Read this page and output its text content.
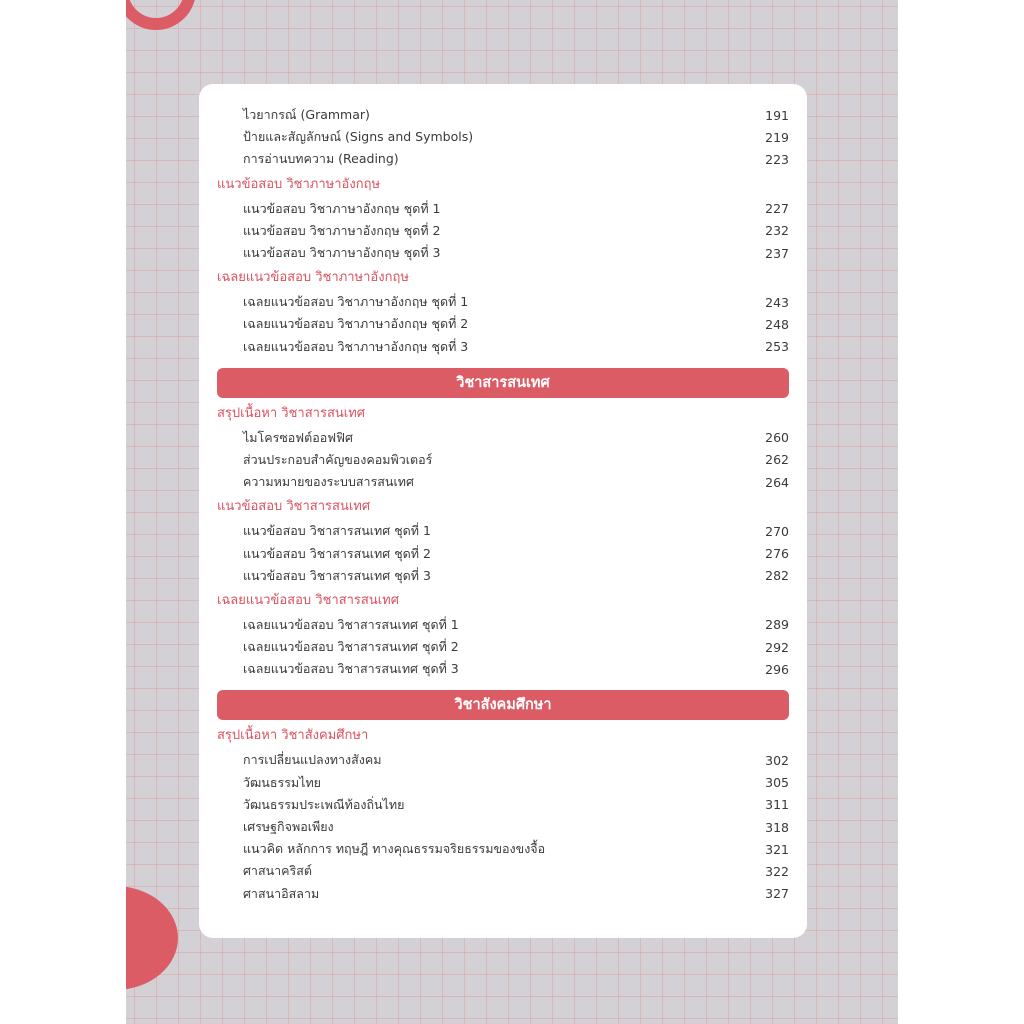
ไวยากรณ์ (Grammar)	191
ป้ายและสัญลักษณ์ (Signs and Symbols)	219
การอ่านบทความ (Reading)	223
แนวข้อสอบ วิชาภาษาอังกฤษ
แนวข้อสอบ วิชาภาษาอังกฤษ ชุดที่ 1	227
แนวข้อสอบ วิชาภาษาอังกฤษ ชุดที่ 2	232
แนวข้อสอบ วิชาภาษาอังกฤษ ชุดที่ 3	237
เฉลยแนวข้อสอบ วิชาภาษาอังกฤษ
เฉลยแนวข้อสอบ วิชาภาษาอังกฤษ ชุดที่ 1	243
เฉลยแนวข้อสอบ วิชาภาษาอังกฤษ ชุดที่ 2	248
เฉลยแนวข้อสอบ วิชาภาษาอังกฤษ ชุดที่ 3	253
วิชาสารสนเทศ
สรุปเนื้อหา วิชาสารสนเทศ
ไมโครซอฟต์ออฟฟิศ	260
ส่วนประกอบสำคัญของคอมพิวเตอร์	262
ความหมายของระบบสารสนเทศ	264
แนวข้อสอบ วิชาสารสนเทศ
แนวข้อสอบ วิชาสารสนเทศ ชุดที่ 1	270
แนวข้อสอบ วิชาสารสนเทศ ชุดที่ 2	276
แนวข้อสอบ วิชาสารสนเทศ ชุดที่ 3	282
เฉลยแนวข้อสอบ วิชาสารสนเทศ
เฉลยแนวข้อสอบ วิชาสารสนเทศ ชุดที่ 1	289
เฉลยแนวข้อสอบ วิชาสารสนเทศ ชุดที่ 2	292
เฉลยแนวข้อสอบ วิชาสารสนเทศ ชุดที่ 3	296
วิชาสังคมศึกษา
สรุปเนื้อหา วิชาสังคมศึกษา
การเปลี่ยนแปลงทางสังคม	302
วัฒนธรรมไทย	305
วัฒนธรรมประเพณีท้องถิ่นไทย	311
เศรษฐกิจพอเพียง	318
แนวคิด หลักการ ทฤษฎี ทางคุณธรรมจริยธรรมของขงจื้อ	321
ศาสนาคริสต์	322
ศาสนาอิสลาม	327
